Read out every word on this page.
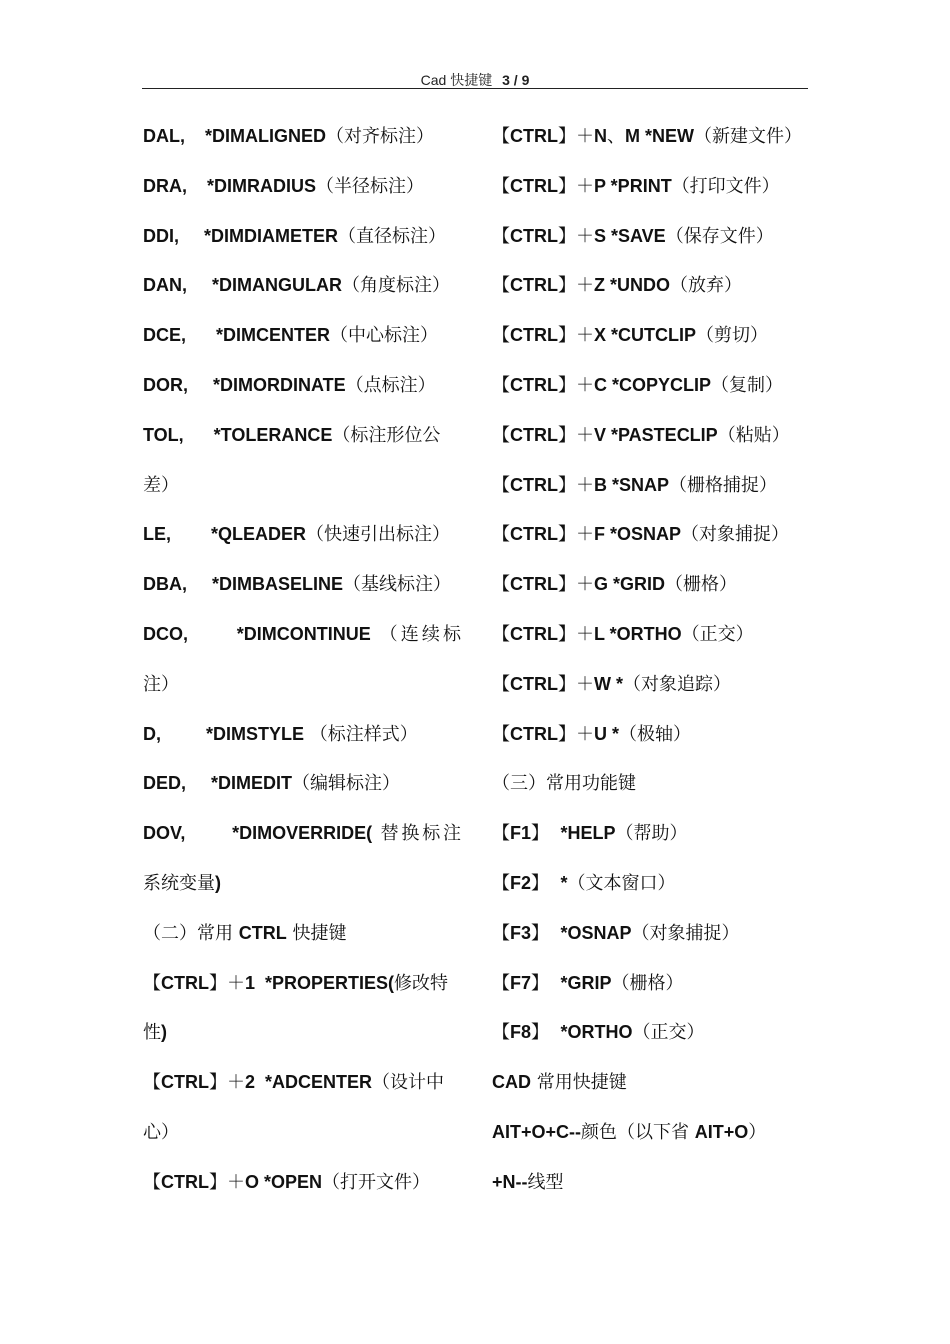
Cad 快捷键 3 / 9
DAL,    *DIMALIGNED（对齐标注）
DRA,    *DIMRADIUS（半径标注）
DDI,     *DIMDIAMETER（直径标注）
DAN,     *DIMANGULAR（角度标注）
DCE,      *DIMCENTER（中心标注）
DOR,     *DIMORDINATE（点标注）
TOL,      *TOLERANCE（标注形位公
差）
LE,        *QLEADER（快速引出标注）
DBA,     *DIMBASELINE（基线标注）
DCO,      *DIMCONTINUE （连续标
注）
D,         *DIMSTYLE （标注样式）
DED,     *DIMEDIT（编辑标注）
DOV,      *DIMOVERRIDE( 替换标注
系统变量)
（二）常用 CTRL 快捷键
【CTRL】＋1  *PROPERTIES(修改特
性)
【CTRL】＋2  *ADCENTER（设计中
心）
【CTRL】＋O *OPEN（打开文件）
【CTRL】＋N、M *NEW（新建文件）
【CTRL】＋P *PRINT（打印文件）
【CTRL】＋S *SAVE（保存文件）
【CTRL】＋Z *UNDO（放弃）
【CTRL】＋X *CUTCLIP（剪切）
【CTRL】＋C *COPYCLIP（复制）
【CTRL】＋V *PASTECLIP（粘贴）
【CTRL】＋B *SNAP（栅格捕捉）
【CTRL】＋F *OSNAP（对象捕捉）
【CTRL】＋G *GRID（栅格）
【CTRL】＋L *ORTHO（正交）
【CTRL】＋W *（对象追踪）
【CTRL】＋U *（极轴）
（三）常用功能键
【F1】  *HELP（帮助）
【F2】  *（文本窗口）
【F3】  *OSNAP（对象捕捉）
【F7】  *GRIP（栅格）
【F8】  *ORTHO（正交）
CAD 常用快捷键
AIT+O+C--颜色（以下省 AIT+O）
+N--线型
